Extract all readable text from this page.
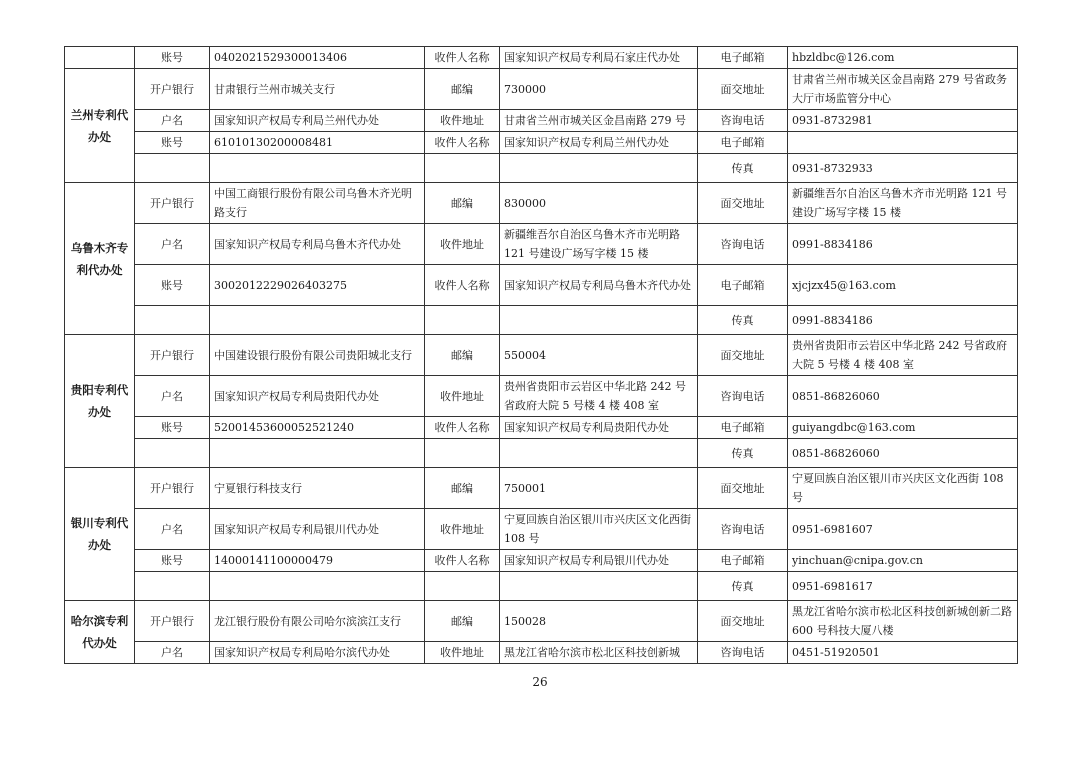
	账号	0402021529300013406	收件人名称	国家知识产权局专利局石家庄代办处	电子邮箱	hbzldbc@126.com
兰州专利代办处	开户银行	甘肃银行兰州市城关支行	邮编	730000	面交地址	甘肃省兰州市城关区金昌南路 279 号省政务大厅市场监管分中心
	户名	国家知识产权局专利局兰州代办处	收件地址	甘肃省兰州市城关区金昌南路 279 号	咨询电话	0931-8732981
	账号	61010130200008481	收件人名称	国家知识产权局专利局兰州代办处	电子邮箱	
					传真	0931-8732933
乌鲁木齐专利代办处	开户银行	中国工商银行股份有限公司乌鲁木齐光明路支行	邮编	830000	面交地址	新疆维吾尔自治区乌鲁木齐市光明路 121 号建设广场写字楼 15 楼
	户名	国家知识产权局专利局乌鲁木齐代办处	收件地址	新疆维吾尔自治区乌鲁木齐市光明路 121 号建设广场写字楼 15 楼	咨询电话	0991-8834186
	账号	3002012229026403275	收件人名称	国家知识产权局专利局乌鲁木齐代办处	电子邮箱	xjcjzx45@163.com
					传真	0991-8834186
贵阳专利代办处	开户银行	中国建设银行股份有限公司贵阳城北支行	邮编	550004	面交地址	贵州省贵阳市云岩区中华北路 242 号省政府大院 5 号楼 4 楼 408 室
	户名	国家知识产权局专利局贵阳代办处	收件地址	贵州省贵阳市云岩区中华北路 242 号省政府大院 5 号楼 4 楼 408 室	咨询电话	0851-86826060
	账号	52001453600052521240	收件人名称	国家知识产权局专利局贵阳代办处	电子邮箱	guiyangdbc@163.com
					传真	0851-86826060
银川专利代办处	开户银行	宁夏银行科技支行	邮编	750001	面交地址	宁夏回族自治区银川市兴庆区文化西街 108 号
	户名	国家知识产权局专利局银川代办处	收件地址	宁夏回族自治区银川市兴庆区文化西街 108 号	咨询电话	0951-6981607
	账号	14000141100000479	收件人名称	国家知识产权局专利局银川代办处	电子邮箱	yinchuan@cnipa.gov.cn
					传真	0951-6981617
哈尔滨专利代办处	开户银行	龙江银行股份有限公司哈尔滨滨江支行	邮编	150028	面交地址	黑龙江省哈尔滨市松北区科技创新城创新二路 600 号科技大厦八楼
	户名	国家知识产权局专利局哈尔滨代办处	收件地址	黑龙江省哈尔滨市松北区科技创新城	咨询电话	0451-51920501
26
